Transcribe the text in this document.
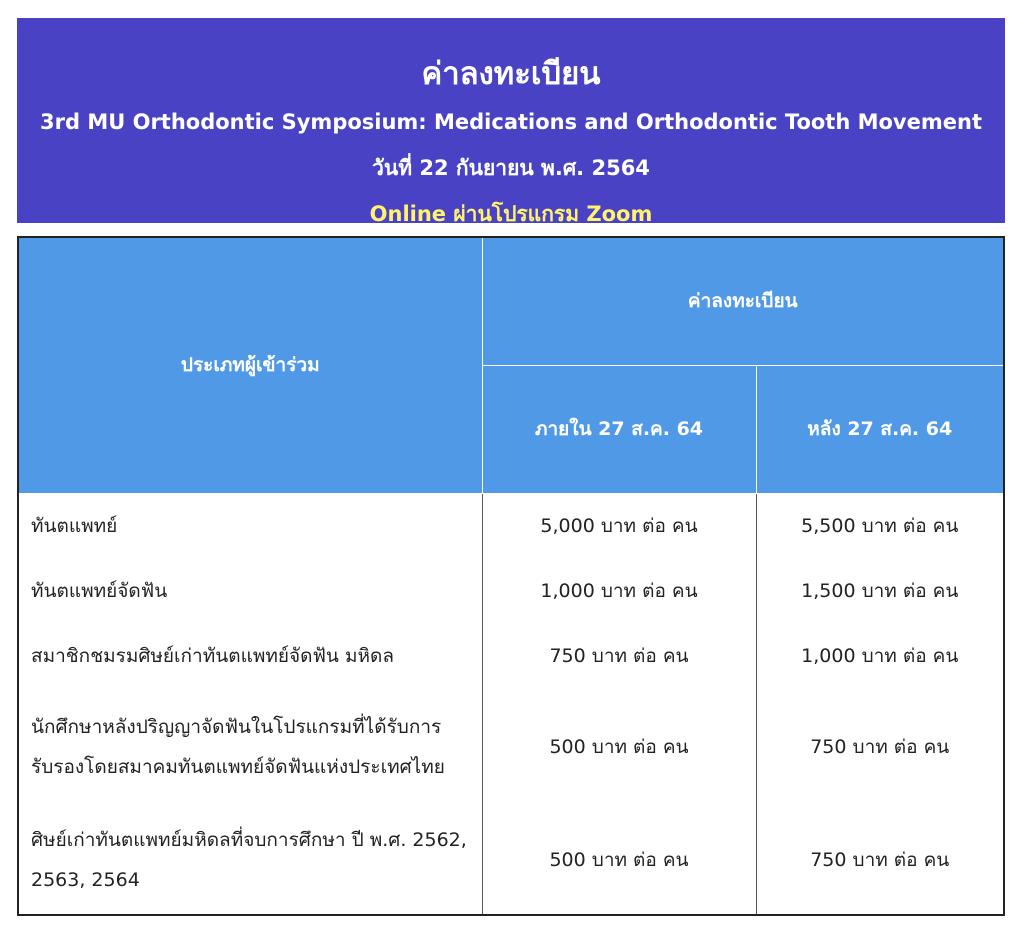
ค่าลงทะเบียน
3rd MU Orthodontic Symposium: Medications and Orthodontic Tooth Movement
วันที่ 22 กันยายน พ.ศ. 2564
Online ผ่านโปรแกรม Zoom
ประเภทผู้เข้าร่วม	ค่าลงทะเบียน	
	ภายใน 27 ส.ค. 64	หลัง 27 ส.ค. 64
ทันตแพทย์	5,000 บาท ต่อ คน	5,500 บาท ต่อ คน
ทันตแพทย์จัดฟัน	1,000 บาท ต่อ คน	1,500 บาท ต่อ คน
สมาชิกชมรมศิษย์เก่าทันตแพทย์จัดฟัน มหิดล	750 บาท ต่อ คน	1,000 บาท ต่อ คน
นักศึกษาหลังปริญญาจัดฟันในโปรแกรมที่ได้รับการรับรองโดยสมาคมทันตแพทย์จัดฟันแห่งประเทศไทย	500 บาท ต่อ คน	750 บาท ต่อ คน
ศิษย์เก่าทันตแพทย์มหิดลที่จบการศึกษา ปี พ.ศ. 2562, 2563, 2564	500 บาท ต่อ คน	750 บาท ต่อ คน
